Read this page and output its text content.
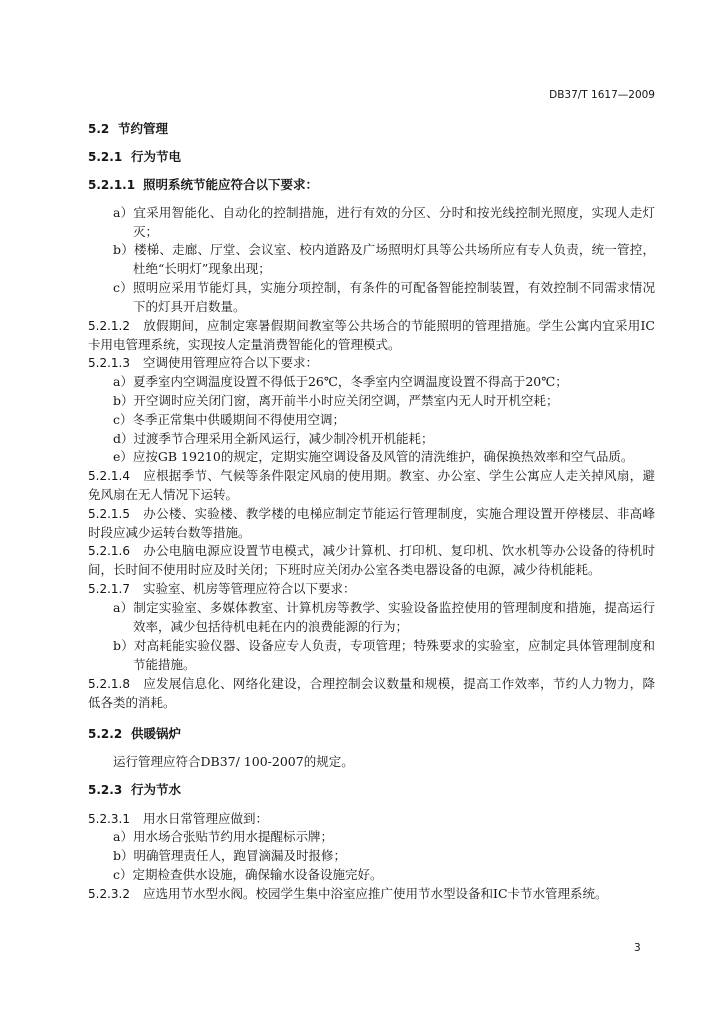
DB37/T 1617—2009
5.2 节约管理
5.2.1 行为节电
5.2.1.1 照明系统节能应符合以下要求：
a）宜采用智能化、自动化的控制措施，进行有效的分区、分时和按光线控制光照度，实现人走灯
灭；
b）楼梯、走廊、厅堂、会议室、校内道路及广场照明灯具等公共场所应有专人负责，统一管控，
杜绝“长明灯”现象出现；
c）照明应采用节能灯具，实施分项控制，有条件的可配备智能控制装置，有效控制不同需求情况
下的灯具开启数量。
5.2.1.2 放假期间，应制定寒暑假期间教室等公共场合的节能照明的管理措施。学生公寓内宜采用IC
卡用电管理系统，实现按人定量消费智能化的管理模式。
5.2.1.3 空调使用管理应符合以下要求：
a）夏季室内空调温度设置不得低于26℃，冬季室内空调温度设置不得高于20℃；
b）开空调时应关闭门窗，离开前半小时应关闭空调，严禁室内无人时开机空耗；
c）冬季正常集中供暖期间不得使用空调；
d）过渡季节合理采用全新风运行，减少制冷机开机能耗；
e）应按GB 19210的规定，定期实施空调设备及风管的清洗维护，确保换热效率和空气品质。
5.2.1.4 应根据季节、气候等条件限定风扇的使用期。教室、办公室、学生公寓应人走关掉风扇，避
免风扇在无人情况下运转。
5.2.1.5 办公楼、实验楼、教学楼的电梯应制定节能运行管理制度，实施合理设置开停楼层、非高峰
时段应减少运转台数等措施。
5.2.1.6 办公电脑电源应设置节电模式，减少计算机、打印机、复印机、饮水机等办公设备的待机时
间，长时间不使用时应及时关闭；下班时应关闭办公室各类电器设备的电源，减少待机能耗。
5.2.1.7 实验室、机房等管理应符合以下要求：
a）制定实验室、多媒体教室、计算机房等教学、实验设备监控使用的管理制度和措施，提高运行
效率，减少包括待机电耗在内的浪费能源的行为；
b）对高耗能实验仪器、设备应专人负责，专项管理；特殊要求的实验室，应制定具体管理制度和
节能措施。
5.2.1.8 应发展信息化、网络化建设，合理控制会议数量和规模，提高工作效率，节约人力物力，降
低各类的消耗。
5.2.2 供暖锅炉
运行管理应符合DB37/ 100-2007的规定。
5.2.3 行为节水
5.2.3.1 用水日常管理应做到：
a）用水场合张贴节约用水提醒标示牌；
b）明确管理责任人，跑冒滴漏及时报修；
c）定期检查供水设施，确保输水设备设施完好。
5.2.3.2 应选用节水型水阀。校园学生集中浴室应推广使用节水型设备和IC卡节水管理系统。
3
